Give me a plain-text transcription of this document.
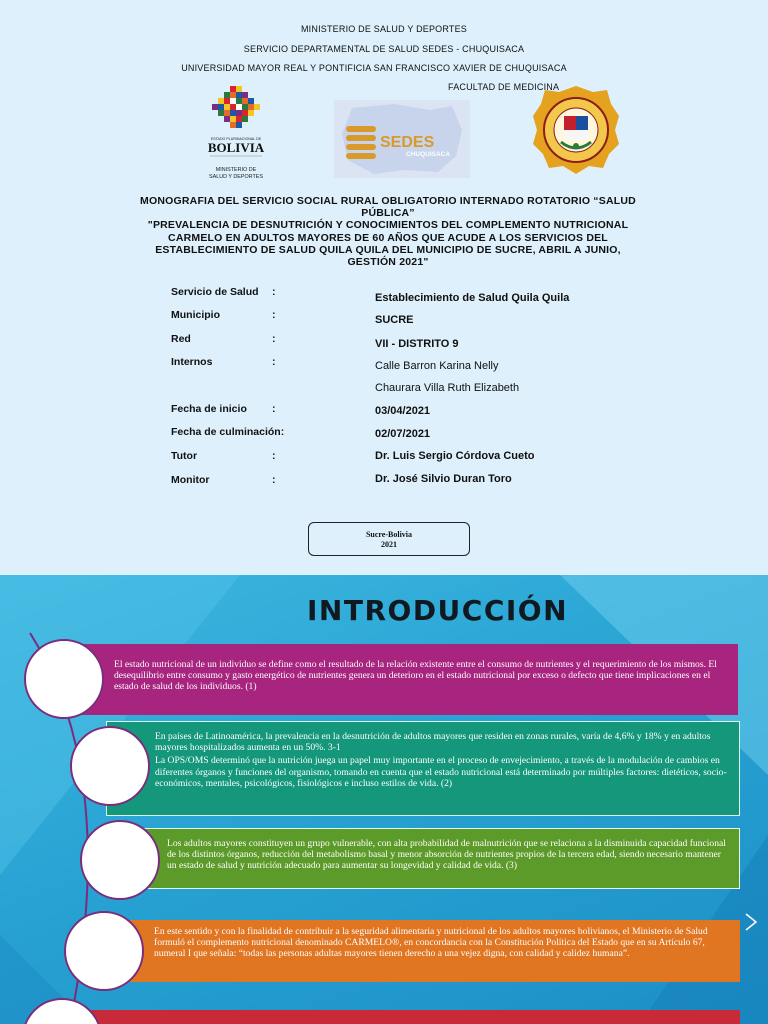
MINISTERIO DE SALUD Y DEPORTES
SERVICIO DEPARTAMENTAL DE SALUD SEDES - CHUQUISACA
UNIVERSIDAD MAYOR REAL Y PONTIFICIA SAN FRANCISCO XAVIER DE CHUQUISACA
FACULTAD DE MEDICINA
ESTADO PLURINACIONAL DE
BOLIVIA
MINISTERIO DE
SALUD Y DEPORTES
SEDES
CHUQUISACA
MONOGRAFIA DEL SERVICIO SOCIAL RURAL OBLIGATORIO INTERNADO ROTATORIO “SALUD
PÚBLICA”
"PREVALENCIA DE DESNUTRICIÓN Y CONOCIMIENTOS DEL COMPLEMENTO NUTRICIONAL
CARMELO EN ADULTOS MAYORES DE 60 AÑOS QUE ACUDE A LOS SERVICIOS DEL
ESTABLECIMIENTO DE SALUD QUILA QUILA DEL MUNICIPIO DE SUCRE, ABRIL A JUNIO,
GESTIÓN 2021"
Servicio de Salud :	Establecimiento de Salud Quila Quila
Municipio	:	SUCRE
Red	:	VII - DISTRITO 9
Internos	:	Calle Barron Karina Nelly
Chaurara Villa Ruth Elizabeth
Fecha de inicio :	03/04/2021
Fecha de culminación:	02/07/2021
Tutor	:	Dr. Luis Sergio Córdova Cueto
Monitor	:	Dr. José Silvio Duran Toro
Sucre-Bolivia
2021
INTRODUCCIÓN

El estado nutricional de un individuo se define como el resultado de la relación existente entre el consumo de nutrientes y el requerimiento de los mismos. El desequilibrio entre consumo y gasto energético de nutrientes genera un deterioro en el estado nutricional por exceso o defecto que tiene implicaciones en el estado de salud de los individuos. (1)

En países de Latinoamérica, la prevalencia en la desnutrición de adultos mayores que residen en zonas rurales, varía de 4,6% y 18% y en adultos mayores hospitalizados aumenta en un 50%. 3-1

La OPS/OMS determinó que la nutrición juega un papel muy importante en el proceso de envejecimiento, a través de la modulación de cambios en diferentes órganos y funciones del organismo, tomando en cuenta que el estado nutricional está determinado por múltiples factores: dietéticos, socio-económicos, mentales, psicológicos, fisiológicos e incluso estilos de vida. (2)

Los adultos mayores constituyen un grupo vulnerable, con alta probabilidad de malnutrición que se relaciona a la disminuida capacidad funcional de los distintos órganos, reducción del metabolismo basal y menor absorción de nutrientes propios de la tercera edad, siendo necesario mantener un estado de salud y nutrición adecuado para aumentar su longevidad y calidad de vida. (3)

En este sentido y con la finalidad de contribuir a la seguridad alimentaria y nutricional de los adultos mayores bolivianos, el Ministerio de Salud formuló el complemento nutricional denominado CARMELO®, en concordancia con la Constitución Política del Estado que en su Artículo 67, numeral I que señala: “todas las personas adultas mayores tienen derecho a una vejez digna, con calidad y calidez humana”.
